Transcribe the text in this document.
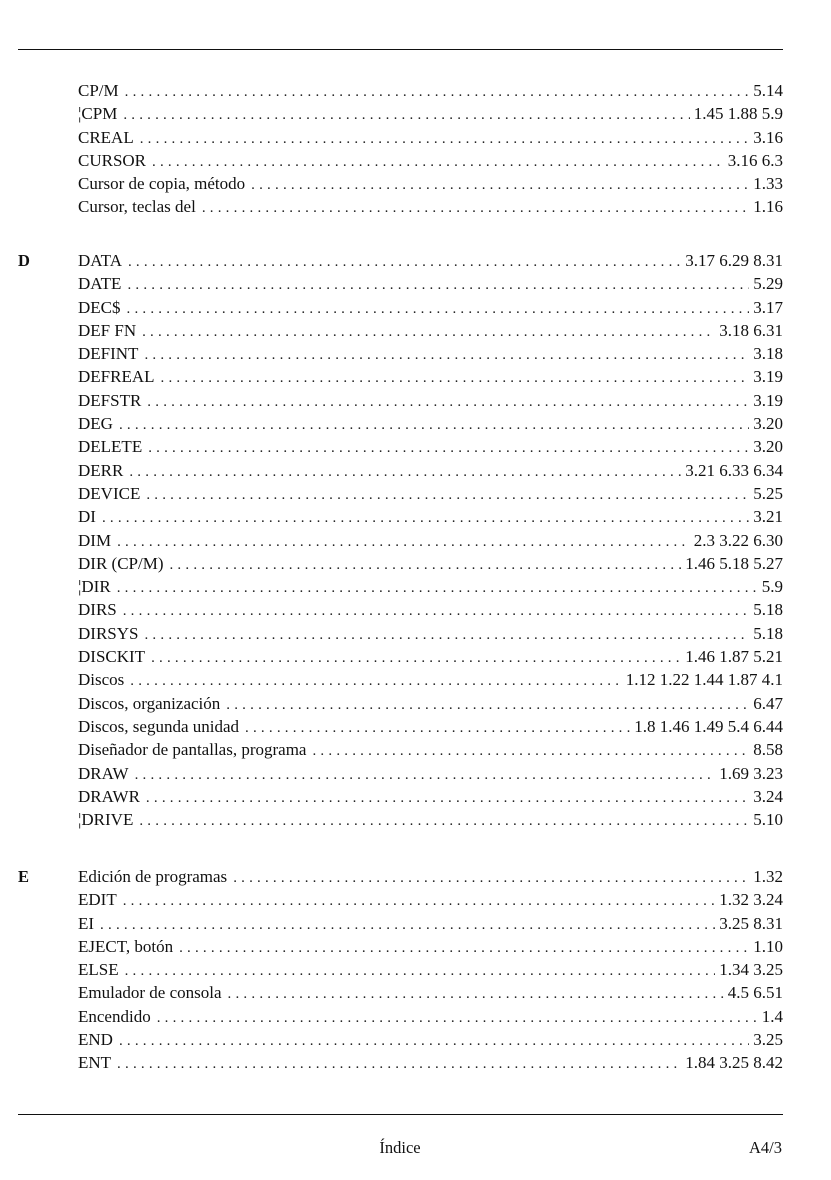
CP/M .....	5.14
¦CPM .....	1.45 1.88 5.9
CREAL .....	3.16
CURSOR .....	3.16 6.3
Cursor de copia, método .....	1.33
Cursor, teclas del .....	1.16
D	DATA .....	3.17 6.29 8.31
DATE .....	5.29
DEC$ .....	3.17
DEF FN .....	3.18 6.31
DEFINT .....	3.18
DEFREAL .....	3.19
DEFSTR .....	3.19
DEG .....	3.20
DELETE .....	3.20
DERR .....	3.21 6.33 6.34
DEVICE .....	5.25
DI .....	3.21
DIM .....	2.3 3.22 6.30
DIR (CP/M) .....	1.46 5.18 5.27
¦DIR .....	5.9
DIRS .....	5.18
DIRSYS .....	5.18
DISCKIT .....	1.46 1.87 5.21
Discos .....	1.12 1.22 1.44 1.87 4.1
Discos, organización .....	6.47
Discos, segunda unidad .....	1.8 1.46 1.49 5.4 6.44
Diseñador de pantallas, programa .....	8.58
DRAW .....	1.69 3.23
DRAWR .....	3.24
¦DRIVE .....	5.10
E	Edición de programas .....	1.32
EDIT .....	1.32 3.24
EI .....	3.25 8.31
EJECT, botón .....	1.10
ELSE .....	1.34 3.25
Emulador de consola .....	4.5 6.51
Encendido .....	1.4
END .....	3.25
ENT .....	1.84 3.25 8.42
Índice	A4/3
